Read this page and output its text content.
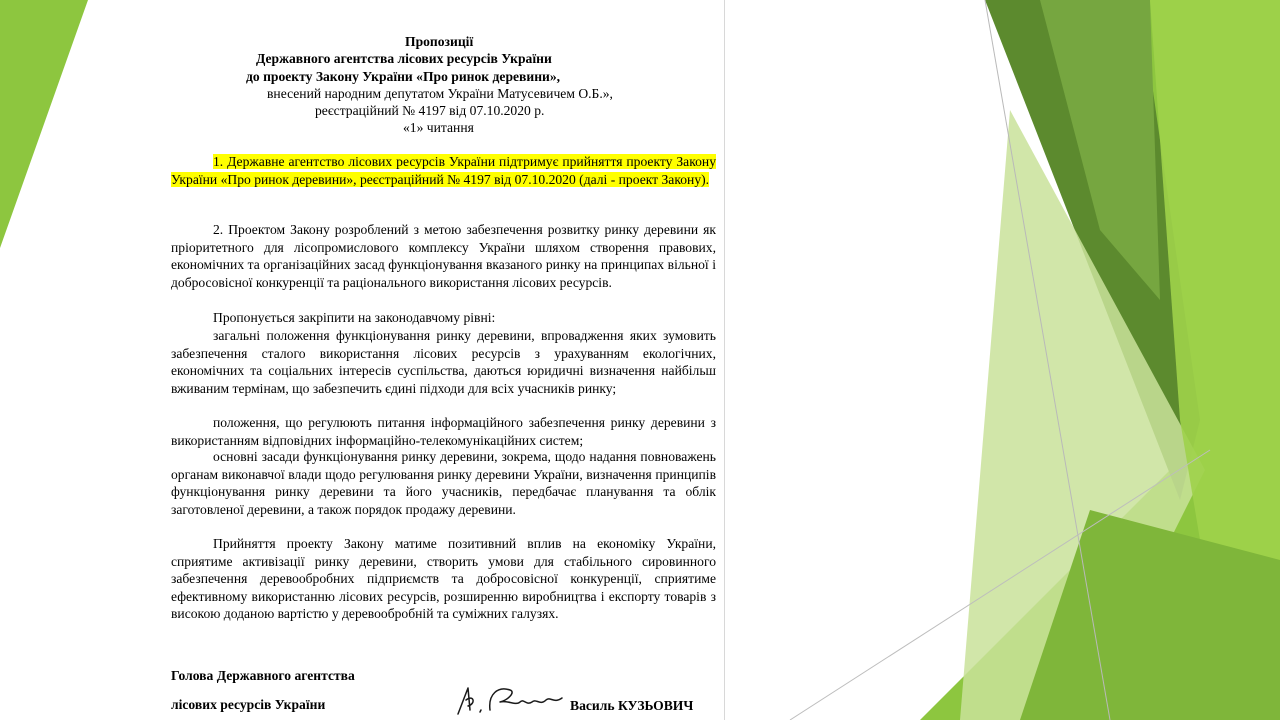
Пропозиції
Державного агентства лісових ресурсів України
до проекту Закону України «Про ринок деревини»,
внесений народним депутатом України Матусевичем О.Б.»,
реєстраційний № 4197 від 07.10.2020 р.
«1» читання

1. Державне агентство лісових ресурсів України підтримує прийняття проекту Закону України «Про ринок деревини», реєстраційний № 4197 від 07.10.2020 (далі - проект Закону).

2. Проектом Закону розроблений з метою забезпечення розвитку ринку деревини як пріоритетного для лісопромислового комплексу України шляхом створення правових, економічних та організаційних засад функціонування вказаного ринку на принципах вільної і добросовісної конкуренції та раціонального використання лісових ресурсів.

Пропонується закріпити на законодавчому рівні:

загальні положення функціонування ринку деревини, впровадження яких зумовить забезпечення сталого використання лісових ресурсів з урахуванням екологічних, економічних та соціальних інтересів суспільства, даються юридичні визначення найбільш вживаним термінам, що забезпечить єдині підходи для всіх учасників ринку;

положення, що регулюють питання інформаційного забезпечення ринку деревини з використанням відповідних інформаційно-телекомунікаційних систем;

основні засади функціонування ринку деревини, зокрема, щодо надання повноважень органам виконавчої влади щодо регулювання ринку деревини України, визначення принципів функціонування ринку деревини та його учасників, передбачає планування та облік заготовленої деревини, а також порядок продажу деревини.

Прийняття проекту Закону матиме позитивний вплив на економіку України, сприятиме активізації ринку деревини, створить умови для стабільного сировинного забезпечення деревообробних підприємств та добросовісної конкуренції, сприятиме ефективному використанню лісових ресурсів, розширенню виробництва і експорту товарів з високою доданою вартістю у деревообробній та суміжних галузях.

Голова Державного агентства
лісових ресурсів України	Василь КУЗЬОВИЧ
